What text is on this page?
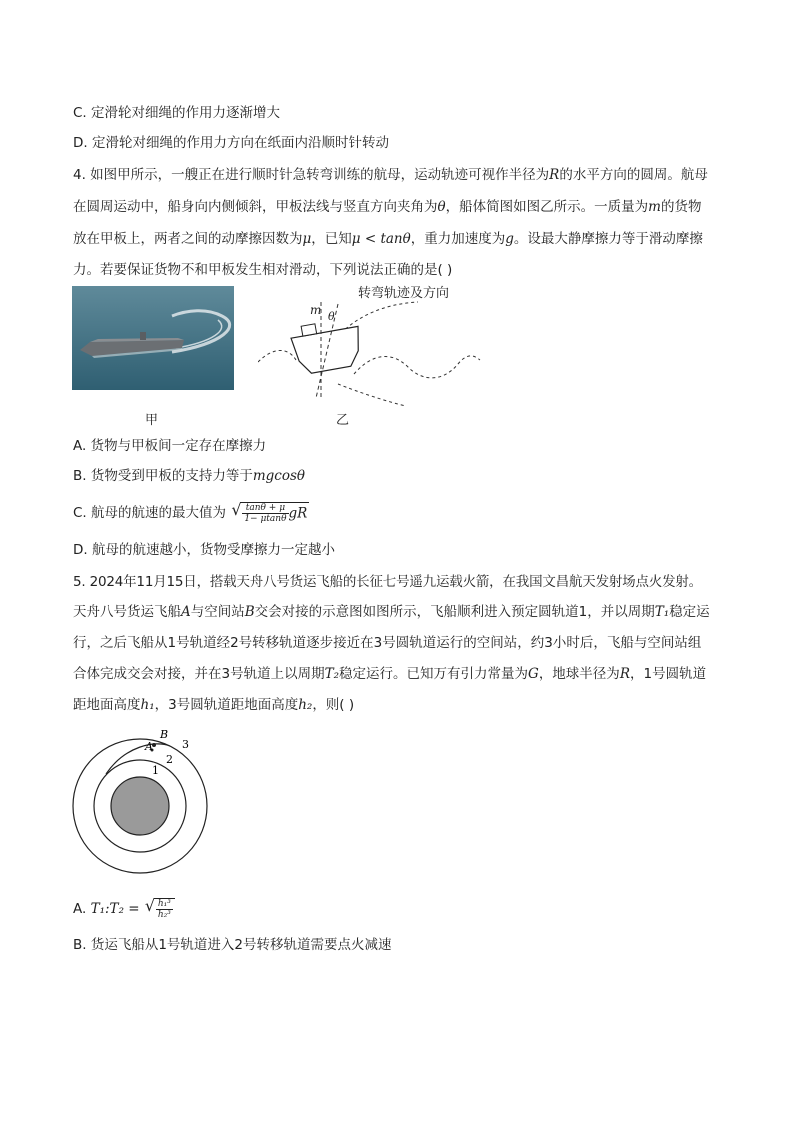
C. 定滑轮对细绳的作用力逐渐增大
D. 定滑轮对细绳的作用力方向在纸面内沿顺时针转动
4. 如图甲所示，一艘正在进行顺时针急转弯训练的航母，运动轨迹可视作半径为R的水平方向的圆周。航母
在圆周运动中，船身向内侧倾斜，甲板法线与竖直方向夹角为θ，船体简图如图乙所示。一质量为m的货物
放在甲板上，两者之间的动摩擦因数为μ，已知μ < tanθ，重力加速度为g。设最大静摩擦力等于滑动摩擦
力。若要保证货物不和甲板发生相对滑动，下列说法正确的是( )
甲
转弯轨迹及方向
m θ
乙
A. 货物与甲板间一定存在摩擦力
B. 货物受到甲板的支持力等于mgcosθ
C. 航母的航速的最大值为 √ $\frac{\tan\theta + \mu}{1- \mu\tan\theta}$ gR
D. 航母的航速越小，货物受摩擦力一定越小
5. 2024年11月15日，搭载天舟八号货运飞船的长征七号遥九运载火箭，在我国文昌航天发射场点火发射。
天舟八号货运飞船A与空间站B交会对接的示意图如图所示，飞船顺利进入预定圆轨道1，并以周期T₁稳定运
行，之后飞船从1号轨道经2号转移轨道逐步接近在3号圆轨道运行的空间站，约3小时后，飞船与空间站组
合体完成交会对接，并在3号轨道上以周期T₂稳定运行。已知万有引力常量为G，地球半径为R，1号圆轨道
距地面高度h₁，3号圆轨道距地面高度h₂，则( )
B
A	3
2
1
A. T₁:T₂ = √ $\frac{\text{h₁³}}{\text{h₂³}}$
B. 货运飞船从1号轨道进入2号转移轨道需要点火减速
